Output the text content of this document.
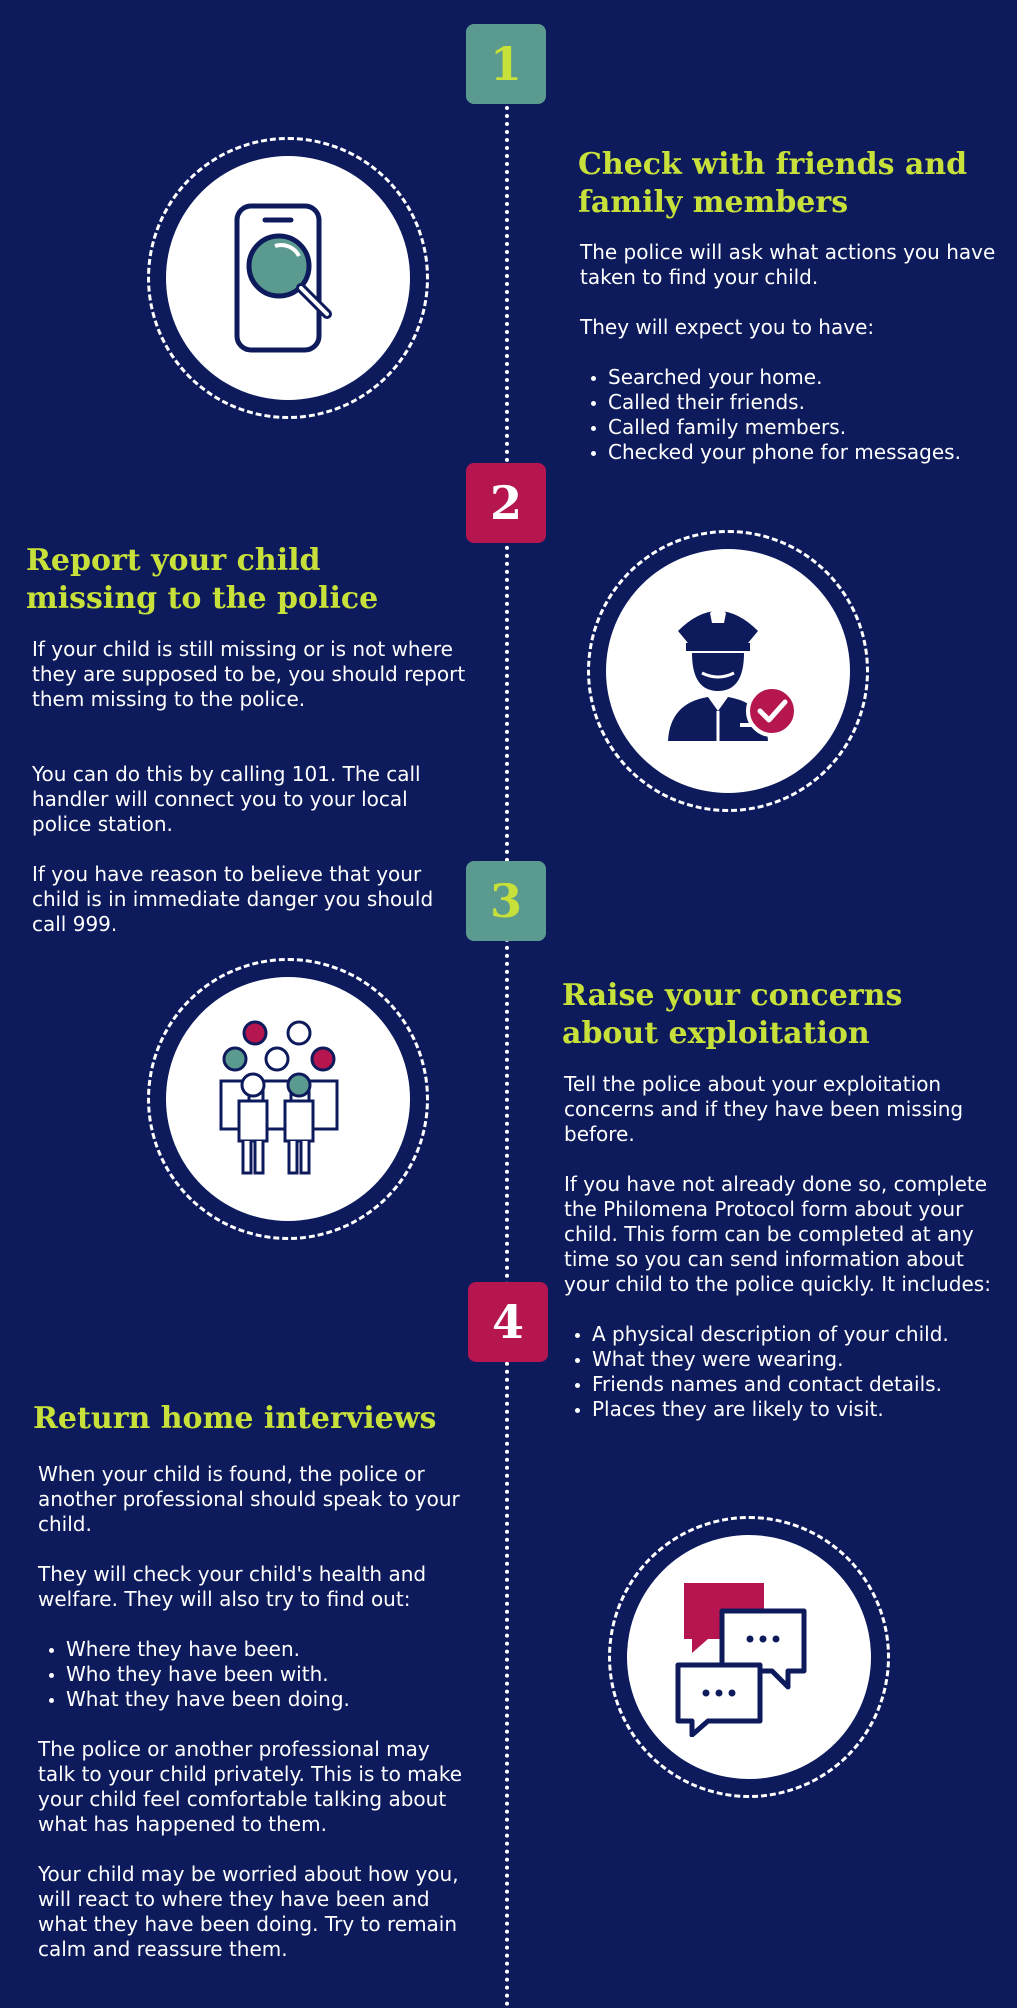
1
2
3
4
Check with friends and family members

The police will ask what actions you have taken to find your child.

They will expect you to have:

• Searched your home.
• Called their friends.
• Called family members.
• Checked your phone for messages.
Report your child missing to the police

If your child is still missing or is not where they are supposed to be, you should report them missing to the police.

You can do this by calling 101. The call handler will connect you to your local police station.

If you have reason to believe that your child is in immediate danger you should call 999.

Raise your concerns about exploitation

Tell the police about your exploitation concerns and if they have been missing before.

If you have not already done so, complete the Philomena Protocol form about your child. This form can be completed at any time so you can send information about your child to the police quickly. It includes:

• A physical description of your child.
• What they were wearing.
• Friends names and contact details.
• Places they are likely to visit.
Return home interviews

When your child is found, the police or another professional should speak to your child.

They will check your child's health and welfare. They will also try to find out:

• Where they have been.
• Who they have been with.
• What they have been doing.

The police or another professional may talk to your child privately. This is to make your child feel comfortable talking about what has happened to them.

Your child may be worried about how you, will react to where they have been and what they have been doing. Try to remain calm and reassure them.
